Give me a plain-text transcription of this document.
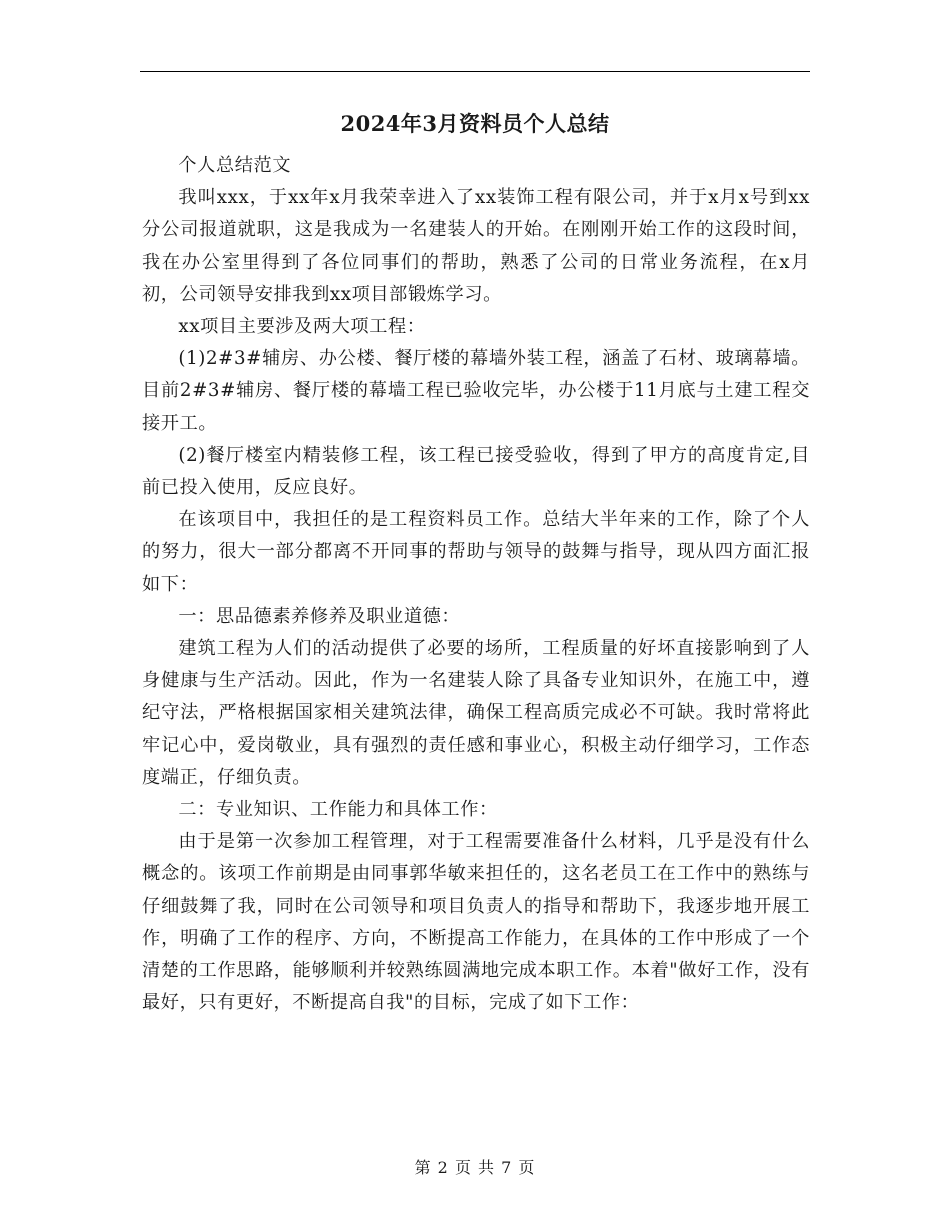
2024年3月资料员个人总结

个人总结范文

我叫xxx，于xx年x月我荣幸进入了xx装饰工程有限公司，并于x月x号到xx分公司报道就职，这是我成为一名建装人的开始。在刚刚开始工作的这段时间，我在办公室里得到了各位同事们的帮助，熟悉了公司的日常业务流程，在x月初，公司领导安排我到xx项目部锻炼学习。

xx项目主要涉及两大项工程：

(1)2#3#辅房、办公楼、餐厅楼的幕墙外装工程，涵盖了石材、玻璃幕墙。目前2#3#辅房、餐厅楼的幕墙工程已验收完毕，办公楼于11月底与土建工程交接开工。

(2)餐厅楼室内精装修工程，该工程已接受验收，得到了甲方的高度肯定,目前已投入使用，反应良好。

在该项目中，我担任的是工程资料员工作。总结大半年来的工作，除了个人的努力，很大一部分都离不开同事的帮助与领导的鼓舞与指导，现从四方面汇报如下：

一：思品德素养修养及职业道德：

建筑工程为人们的活动提供了必要的场所，工程质量的好坏直接影响到了人身健康与生产活动。因此，作为一名建装人除了具备专业知识外，在施工中，遵纪守法，严格根据国家相关建筑法律，确保工程高质完成必不可缺。我时常将此牢记心中，爱岗敬业，具有强烈的责任感和事业心，积极主动仔细学习，工作态度端正，仔细负责。

二：专业知识、工作能力和具体工作：

由于是第一次参加工程管理，对于工程需要准备什么材料，几乎是没有什么概念的。该项工作前期是由同事郭华敏来担任的，这名老员工在工作中的熟练与仔细鼓舞了我，同时在公司领导和项目负责人的指导和帮助下，我逐步地开展工作，明确了工作的程序、方向，不断提高工作能力，在具体的工作中形成了一个清楚的工作思路，能够顺利并较熟练圆满地完成本职工作。本着"做好工作，没有最好，只有更好，不断提高自我"的目标，完成了如下工作：

第 2 页 共 7 页
